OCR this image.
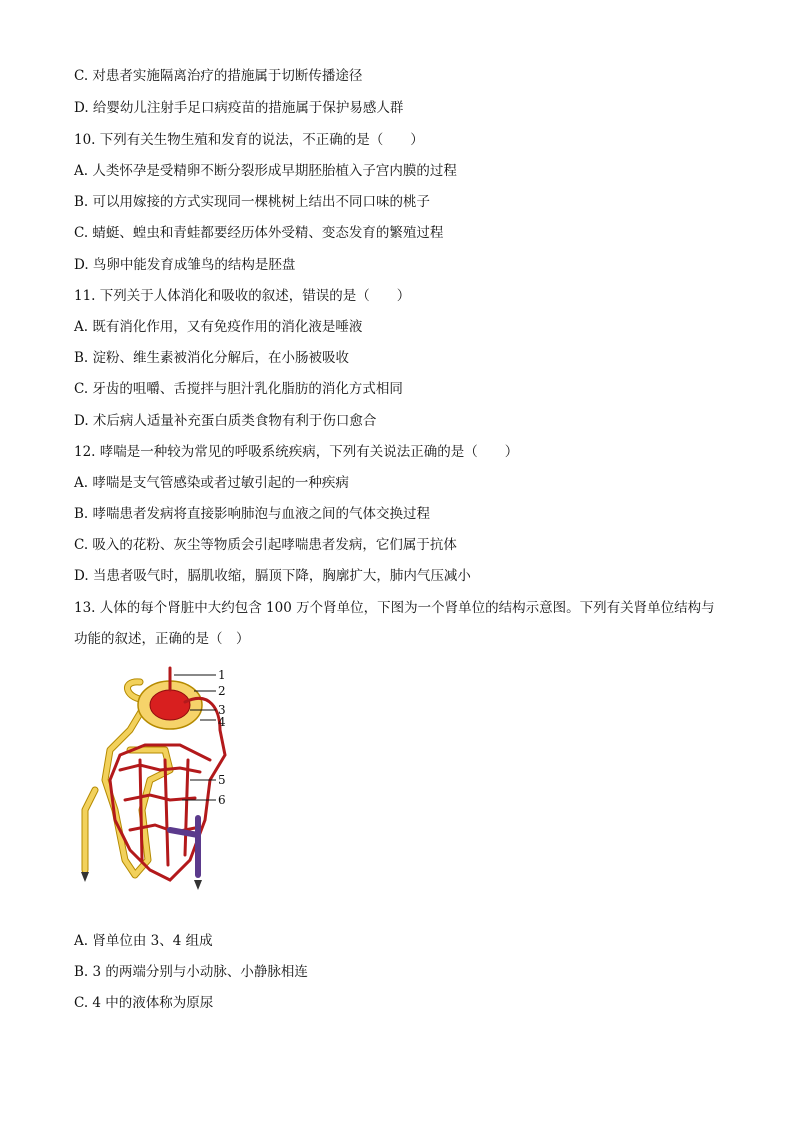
C. 对患者实施隔离治疗的措施属于切断传播途径
D. 给婴幼儿注射手足口病疫苗的措施属于保护易感人群
10. 下列有关生物生殖和发育的说法，不正确的是（　　）
A. 人类怀孕是受精卵不断分裂形成早期胚胎植入子宫内膜的过程
B. 可以用嫁接的方式实现同一棵桃树上结出不同口味的桃子
C. 蜻蜓、蝗虫和青蛙都要经历体外受精、变态发育的繁殖过程
D. 鸟卵中能发育成雏鸟的结构是胚盘
11. 下列关于人体消化和吸收的叙述，错误的是（　　）
A. 既有消化作用，又有免疫作用的消化液是唾液
B. 淀粉、维生素被消化分解后，在小肠被吸收
C. 牙齿的咀嚼、舌搅拌与胆汁乳化脂肪的消化方式相同
D. 术后病人适量补充蛋白质类食物有利于伤口愈合
12. 哮喘是一种较为常见的呼吸系统疾病，下列有关说法正确的是（　　）
A. 哮喘是支气管感染或者过敏引起的一种疾病
B. 哮喘患者发病将直接影响肺泡与血液之间的气体交换过程
C. 吸入的花粉、灰尘等物质会引起哮喘患者发病，它们属于抗体
D. 当患者吸气时，膈肌收缩，膈顶下降，胸廓扩大，肺内气压减小
13. 人体的每个肾脏中大约包含 100 万个肾单位，下图为一个肾单位的结构示意图。下列有关肾单位结构与
功能的叙述，正确的是（　）
1
2
3
4
5
6
A. 肾单位由 3、4 组成
B. 3 的两端分别与小动脉、小静脉相连
C. 4 中的液体称为原尿
